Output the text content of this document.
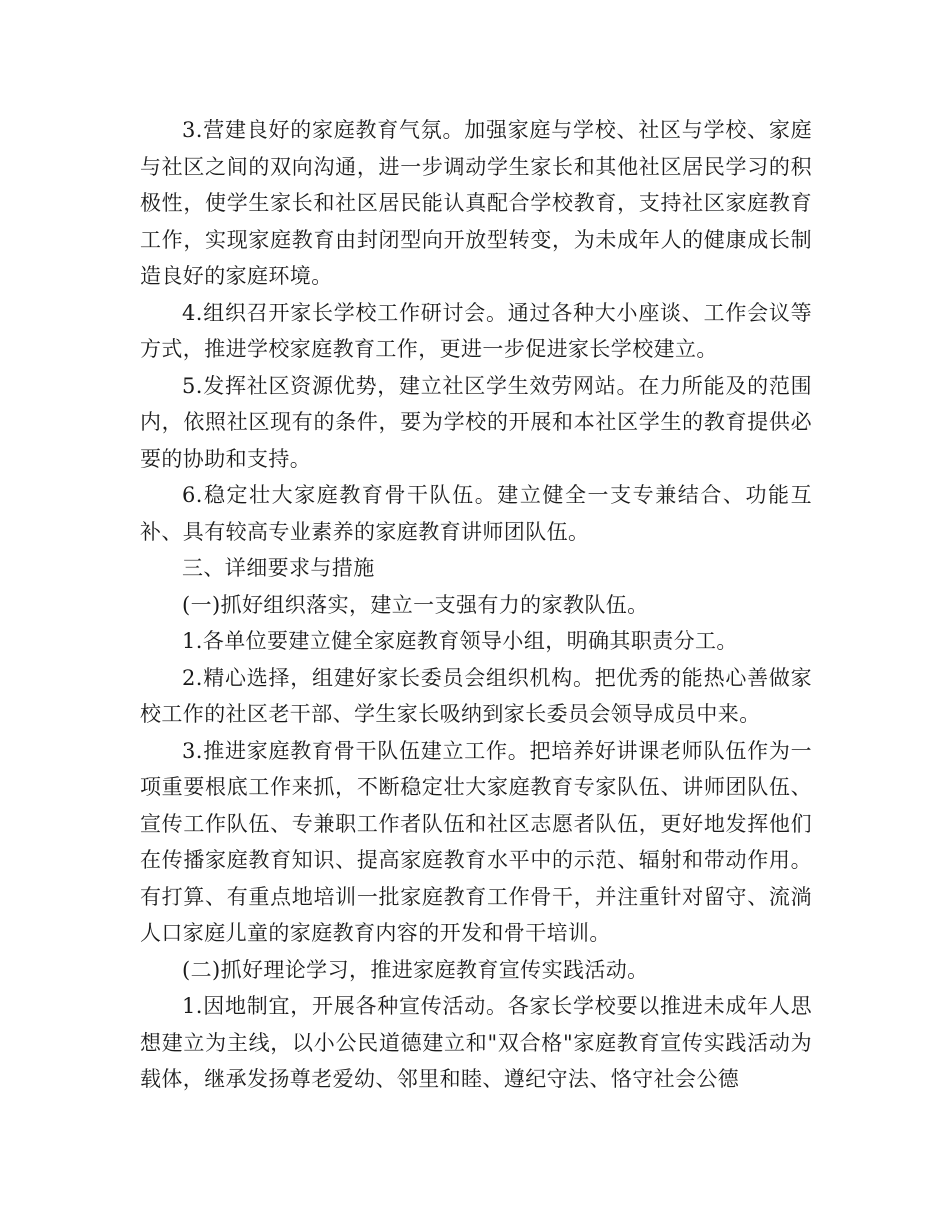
3.营建良好的家庭教育气氛。加强家庭与学校、社区与学校、家庭与社区之间的双向沟通，进一步调动学生家长和其他社区居民学习的积极性，使学生家长和社区居民能认真配合学校教育，支持社区家庭教育工作，实现家庭教育由封闭型向开放型转变，为未成年人的健康成长制造良好的家庭环境。

4.组织召开家长学校工作研讨会。通过各种大小座谈、工作会议等方式，推进学校家庭教育工作，更进一步促进家长学校建立。

5.发挥社区资源优势，建立社区学生效劳网站。在力所能及的范围内，依照社区现有的条件，要为学校的开展和本社区学生的教育提供必要的协助和支持。

6.稳定壮大家庭教育骨干队伍。建立健全一支专兼结合、功能互补、具有较高专业素养的家庭教育讲师团队伍。

三、详细要求与措施

(一)抓好组织落实，建立一支强有力的家教队伍。

1.各单位要建立健全家庭教育领导小组，明确其职责分工。

2.精心选择，组建好家长委员会组织机构。把优秀的能热心善做家校工作的社区老干部、学生家长吸纳到家长委员会领导成员中来。

3.推进家庭教育骨干队伍建立工作。把培养好讲课老师队伍作为一项重要根底工作来抓，不断稳定壮大家庭教育专家队伍、讲师团队伍、宣传工作队伍、专兼职工作者队伍和社区志愿者队伍，更好地发挥他们在传播家庭教育知识、提高家庭教育水平中的示范、辐射和带动作用。有打算、有重点地培训一批家庭教育工作骨干，并注重针对留守、流淌人口家庭儿童的家庭教育内容的开发和骨干培训。

(二)抓好理论学习，推进家庭教育宣传实践活动。

1.因地制宜，开展各种宣传活动。各家长学校要以推进未成年人思想建立为主线，以小公民道德建立和"双合格"家庭教育宣传实践活动为载体，继承发扬尊老爱幼、邻里和睦、遵纪守法、恪守社会公德
